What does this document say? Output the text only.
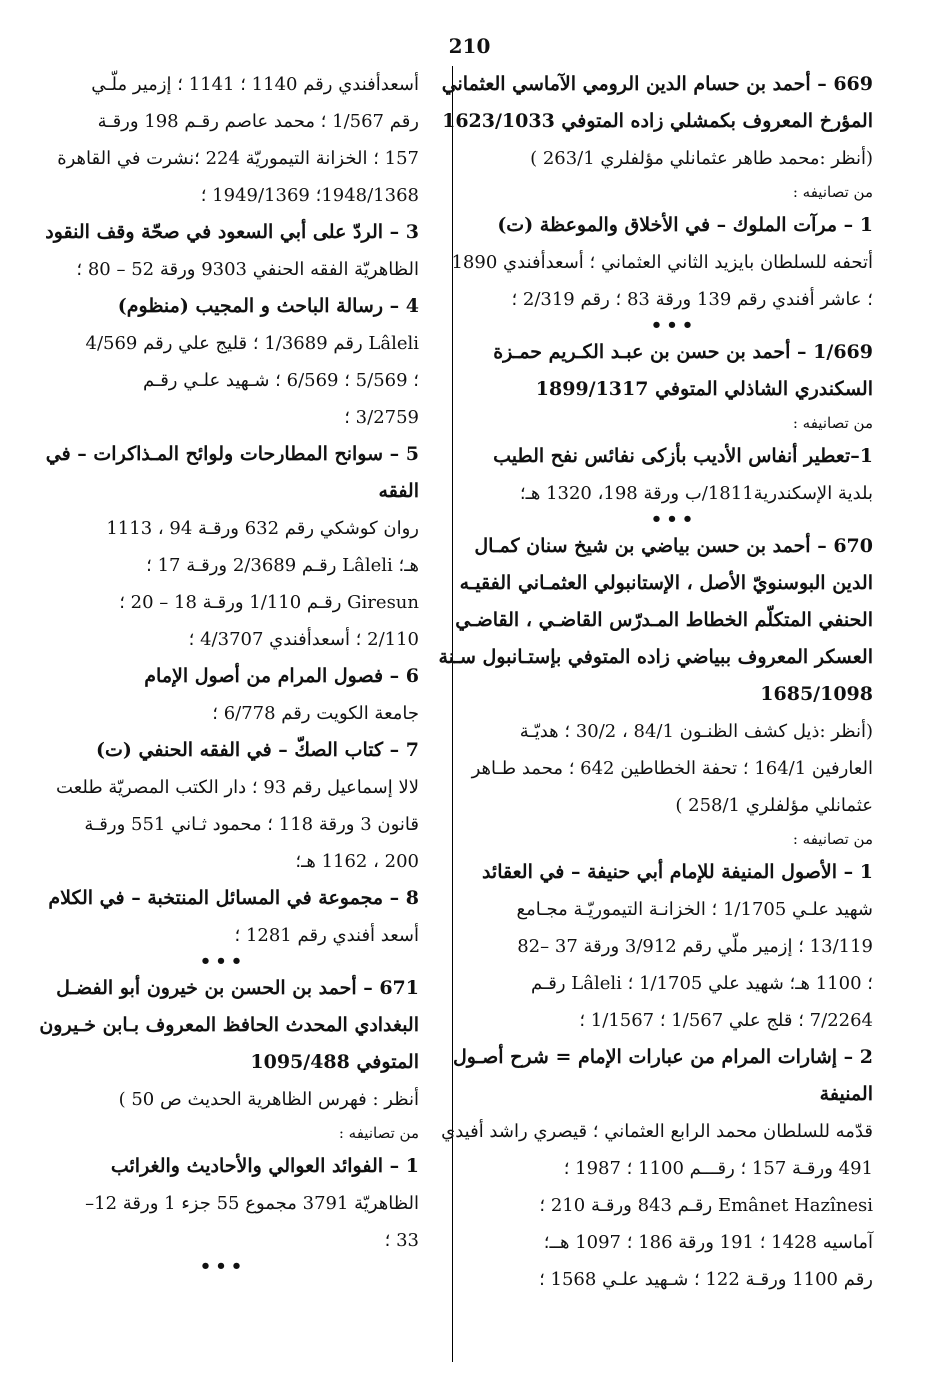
210
669 – أحمد بن حسام الدين الرومي الآماسي العثماني
المؤرخ المعروف بكمشلي زاده المتوفي 1623/1033
(أنظر :محمد طاهر عثمانلي مؤلفلري 263/1 )
من تصانيفه :
1 – مرآت الملوك – في الأخلاق والموعظة (ت)
أتحفه للسلطان بايزيد الثاني العثماني ؛ أسعدأفندي 1890
؛ عاشر أفندي رقم 139 ورقة 83 ؛ رقم 2/319 ؛
•••
1/669 – أحمد بن حسن بن عبـد الكـريم حمـزة
السكندري الشاذلي المتوفي 1899/1317
من تصانيفه :
1–تعطير أنفاس الأديب بأزكى نفائس نفح الطيب
بلدية الإسكندرية1811/ب ورقة 198، 1320 هـ؛
•••
670 – أحمد بن حسن بياضي بن شيخ سنان كمـال
الدين البوسنويّ الأصل ، الإستانبولي العثمـاني الفقيـه
الحنفي المتكلّم الخطاط المـدرّس القاضـي ، القاضـي
العسكر المعروف ببياضي زاده المتوفي بإستـانبول سـنة
1685/1098
(أنظر :ذيل كشف الظنـون 84/1 ، 30/2 ؛ هديّـة
العارفين 164/1 ؛ تحفة الخطاطين 642 ؛ محمد طـاهر
عثمانلي مؤلفلري 258/1 )
من تصانيفه :
1 – الأصول المنيفة للإمام أبي حنيفة – في العقائد
شهيد علـي 1/1705 ؛ الخزانـة التيموريّـة مجـامع
13/119 ؛ إزمير ملّي رقم 3/912 ورقة 37 –82
؛ 1100 هـ؛ شهيد علي 1/1705 ؛ Lâleli رقـم
7/2264 ؛ قلج علي 1/567 ؛ 1/1567 ؛
2 – إشارات المرام من عبارات الإمام = شرح أصـول
المنيفة
قدّمه للسلطان محمد الرابع العثماني ؛ قيصري راشد أفيدي
491 ورقـة 157 ؛ رقـــم 1100 ؛ 1987 ؛
Emânet Hazînesi رقـم 843 ورقـة 210 ؛
آماسيه 1428 ؛ 191 ورقة 186 ؛ 1097 هــ؛
رقم 1100 ورقـة 122 ؛ شـهيد علـي 1568 ؛
أسعدأفندي رقم 1140 ؛ 1141 ؛ إزمير ملّـي
رقم 1/567 ؛ محمد عاصم رقـم 198 ورقـة
157 ؛ الخزانة التيموريّة 224 ؛نشرت في القاهرة
1948/1368؛ 1949/1369 ؛
3 – الردّ على أبي السعود في صحّة وقف النقود
الظاهريّة الفقه الحنفي 9303 ورقة 52 – 80 ؛
4 – رسالة الباحث و المجيب (منظوم)
Lâleli رقم 1/3689 ؛ قليج علي رقم 4/569
؛ 5/569 ؛ 6/569 ؛ شـهيد علـي رقـم
3/2759 ؛
5 – سوانح المطارحات ولوائح المـذاكرات – في
الفقه
روان كوشكي رقم 632 ورقـة 94 ، 1113
هـ؛ Lâleli رقـم 2/3689 ورقـة 17 ؛
Giresun رقـم 1/110 ورقـة 18 – 20 ؛
2/110 ؛ أسعدأفندي 4/3707 ؛
6 – فصول المرام من أصول الإمام
جامعة الكويت رقم 6/778 ؛
7 – كتاب الصكّ – في الفقه الحنفي (ت)
لالا إسماعيل رقم 93 ؛ دار الكتب المصريّة طلعت
قانون 3 ورقة 118 ؛ محمود ثـاني 551 ورقـة
200 ، 1162 هـ؛
8 – مجموعة في المسائل المنتخبة – في الكلام
أسعد أفندي رقم 1281 ؛
•••
671 – أحمد بن الحسن بن خيرون أبو الفضـل
البغدادي المحدث الحافظ المعروف بـابن خـيرون
المتوفي 1095/488
أنظر : فهرس الظاهرية الحديث ص 50 )
من تصانيفه :
1 – الفوائد العوالي والأحاديث والغرائب
الظاهريّة 3791 مجموع 55 جزء 1 ورقة 12–
33 ؛
•••
